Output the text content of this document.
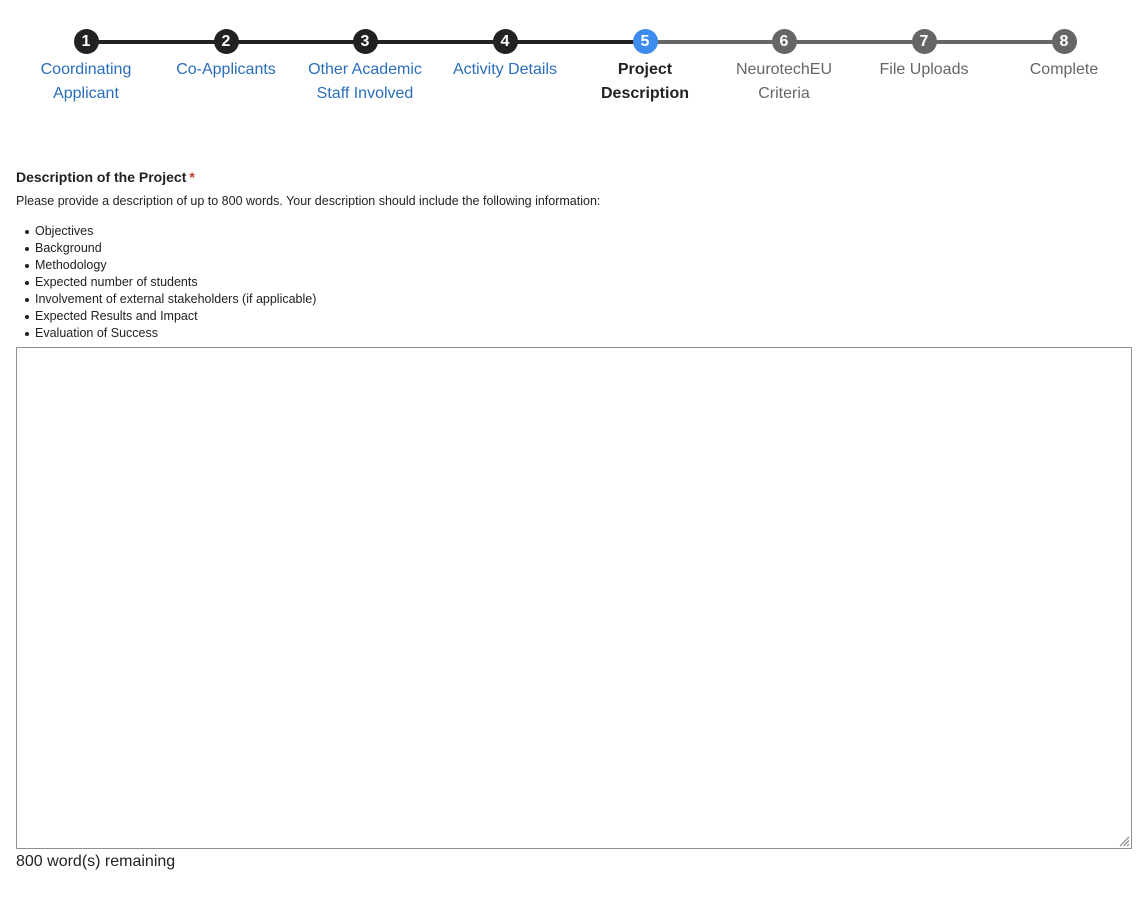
1
Coordinating
Applicant
2
Co-Applicants
3
Other Academic
Staff Involved
4
Activity Details
5
Project
Description
6
NeurotechEU
Criteria
7
File Uploads
8
Complete
Description of the Project *
Please provide a description of up to 800 words. Your description should include the following information:
Objectives
Background
Methodology
Expected number of students
Involvement of external stakeholders (if applicable)
Expected Results and Impact
Evaluation of Success
800 word(s) remaining
